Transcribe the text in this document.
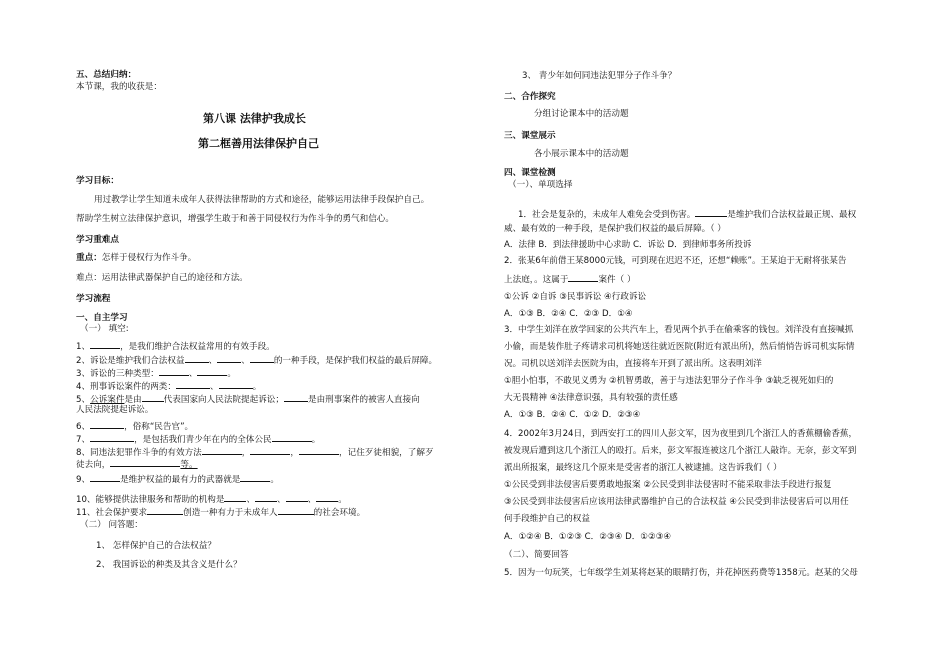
五、总结归纳：
本节课，我的收获是：
第八课 法律护我成长
第二框善用法律保护自己
学习目标：
用过教学让学生知道未成年人获得法律帮助的方式和途径，能够运用法律手段保护自己。
帮助学生树立法律保护意识，增强学生敢于和善于同侵权行为作斗争的勇气和信心。
学习重难点
重点：怎样于侵权行为作斗争。
难点：运用法律武器保护自己的途径和方法。
学习流程
一、自主学习
（一） 填空:
1、	，是我们维护合法权益常用的有效手段。
2、诉讼是维护我们合法权益	、	、	的一种手段，是保护我们权益的最后屏障。
3、诉讼的三种类型：	、	。
4、刑事诉讼案件的两类：	、	。
5、公诉案件是由	代表国家向人民法院提起诉讼；	是由刑事案件的被害人直接向
人民法院提起诉讼。
6、	，俗称“民告官”。
7、	，是包括我们青少年在内的全体公民	。
8、同违法犯罪作斗争的有效方法	，	，	，记住歹徒相貌，了解歹
徒去向，	等。
9、	是维护权益的最有力的武器就是	。
10、能够提供法律服务和帮助的机构是	、	、	、	。
11、社会保护要求	创造一种有力于未成年人	的社会环境。
（二） 问答题：
1、 怎样保护自己的合法权益？
2、 我国诉讼的种类及其含义是什么？
3、 青少年如何同违法犯罪分子作斗争？
二、合作探究
分组讨论课本中的活动题
三、课堂展示
各小展示课本中的活动题
四、课堂检测
（一）、单项选择
1．社会是复杂的，未成年人难免会受到伤害。	是维护我们合法权益最正规、最权
威、最有效的一种手段，是保护我们权益的最后屏障。（ ）
A．法律 B．到法律援助中心求助 C．诉讼 D．到律师事务所投诉
2．张某6年前借王某8000元钱，可到现在迟迟不还，还想“赖账”。王某迫于无耐将张某告
上法庭，。这属于	案件（ ）
①公诉 ②自诉 ③民事诉讼 ④行政诉讼
A．①③ B．②④ C．②③ D．①④
3．中学生刘洋在放学回家的公共汽车上，看见两个扒手在偷乘客的钱包。刘洋没有直接喊抓
小偷，而是装作肚子疼请求司机将她送往就近医院(附近有派出所)，然后悄悄告诉司机实际情
况。司机以送刘洋去医院为由，直接将车开到了派出所。这表明刘洋
①胆小怕事，不敢见义勇为 ②机智勇敢，善于与违法犯罪分子作斗争 ③缺乏视死如归的
大无畏精神 ④法律意识强，具有较强的责任感
A．①③ B．②④ C．①② D．②③④
4．2002年3月24日，到西安打工的四川人彭文军，因为夜里到几个浙江人的香蕉棚偷香蕉，
被发现后遭到这几个浙江人的殴打。后来，彭文军报连被这几个浙江人敲诈。无奈，彭文军到
派出所报案，最终这几个原来是受害者的浙江人被逮捕。这告诉我们（ ）
①公民受到非法侵害后要勇敢地报案 ②公民受到非法侵害时不能采取非法手段进行报复
③公民受到非法侵害后应该用法律武器维护自己的合法权益 ④公民受到非法侵害后可以用任
何手段维护自己的权益
A．①②④ B．①②③ C．②③④ D．①②③④
（二）、简要回答
5．因为一句玩笑，七年级学生刘某将赵某的眼睛打伤，并花掉医药费等1358元。赵某的父母
